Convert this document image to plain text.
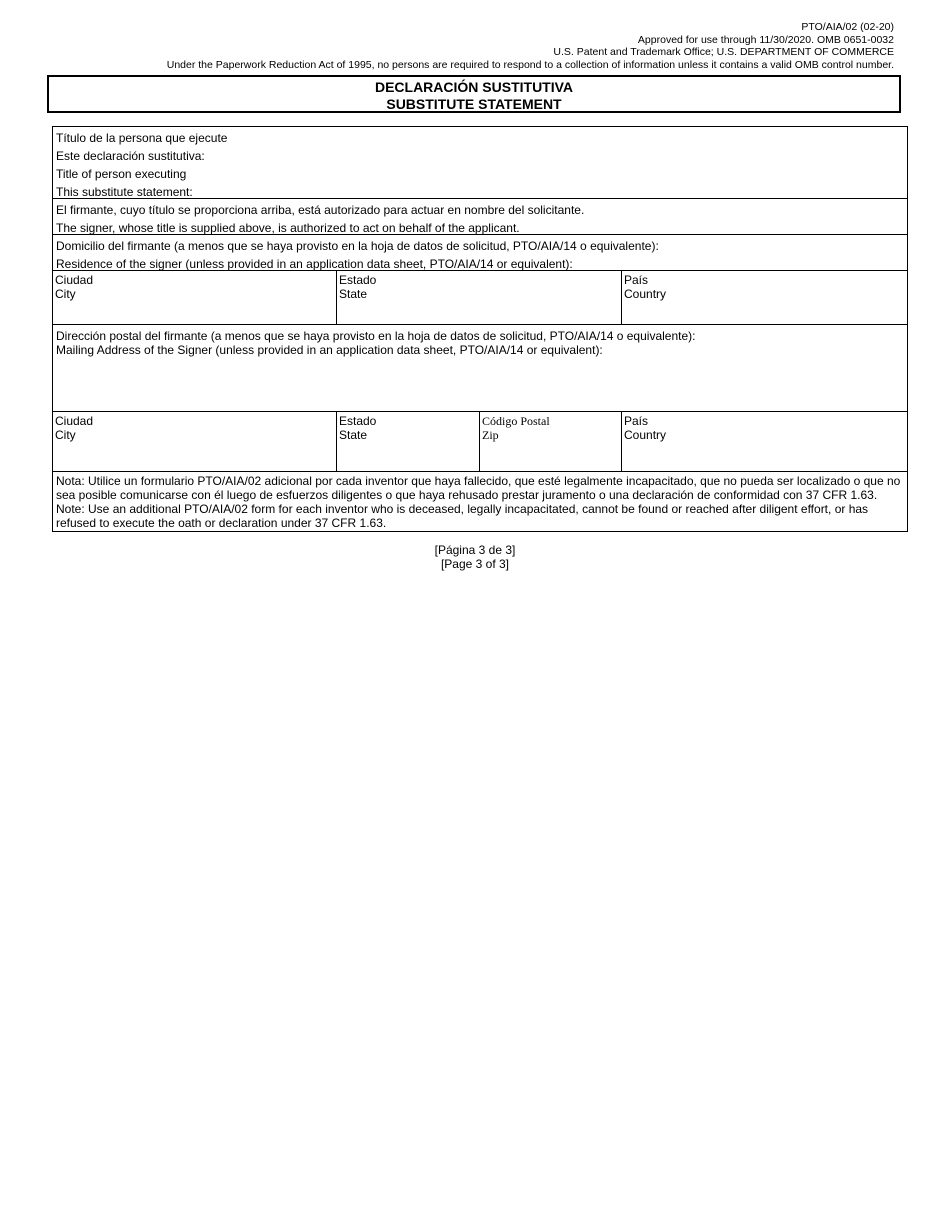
PTO/AIA/02 (02-20)
Approved for use through 11/30/2020. OMB 0651-0032
U.S. Patent and Trademark Office; U.S. DEPARTMENT OF COMMERCE
Under the Paperwork Reduction Act of 1995, no persons are required to respond to a collection of information unless it contains a valid OMB control number.
DECLARACIÓN SUSTITUTIVA
SUBSTITUTE STATEMENT
Título de la persona que ejecute
Este declaración sustitutiva:
Title of person executing
This substitute statement:
El firmante, cuyo título se proporciona arriba, está autorizado para actuar en nombre del solicitante.
The signer, whose title is supplied above, is authorized to act on behalf of the applicant.
Domicilio del firmante (a menos que se haya provisto en la hoja de datos de solicitud, PTO/AIA/14 o equivalente):
Residence of the signer (unless provided in an application data sheet, PTO/AIA/14 or equivalent):
Ciudad
City
Estado
State
País
Country
Dirección postal del firmante (a menos que se haya provisto en la hoja de datos de solicitud, PTO/AIA/14 o equivalente):
Mailing Address of the Signer (unless provided in an application data sheet, PTO/AIA/14 or equivalent):
Ciudad
City
Estado
State
Código Postal
Zip
País
Country
Nota: Utilice un formulario PTO/AIA/02 adicional por cada inventor que haya fallecido, que esté legalmente incapacitado, que no pueda ser localizado o que no sea posible comunicarse con él luego de esfuerzos diligentes o que haya rehusado prestar juramento o una declaración de conformidad con 37 CFR 1.63.
Note: Use an additional PTO/AIA/02 form for each inventor who is deceased, legally incapacitated, cannot be found or reached after diligent effort, or has refused to execute the oath or declaration under 37 CFR 1.63.
[Página 3 de 3]
[Page 3 of 3]
